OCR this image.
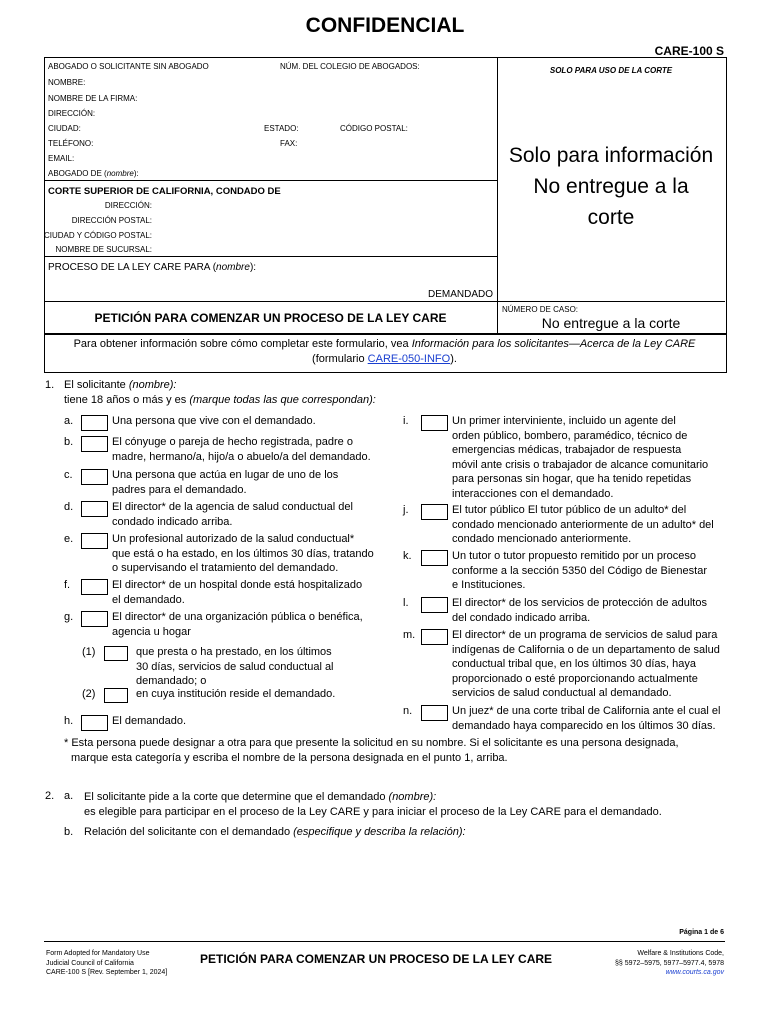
CONFIDENCIAL
CARE-100 S
ABOGADO O SOLICITANTE SIN ABOGADO	NÚM. DEL COLEGIO DE ABOGADOS:
NOMBRE:
NOMBRE DE LA FIRMA:
DIRECCIÓN:
CIUDAD:	ESTADO:	CÓDIGO POSTAL:
TELÉFONO:	FAX:
EMAIL:
ABOGADO DE (nombre):
SOLO PARA USO DE LA CORTE
Solo para información
No entregue a la
corte
CORTE SUPERIOR DE CALIFORNIA, CONDADO DE
DIRECCIÓN:
DIRECCIÓN POSTAL:
CIUDAD Y CÓDIGO POSTAL:
NOMBRE DE SUCURSAL:
PROCESO DE LA LEY CARE PARA (nombre):
DEMANDADO
PETICIÓN PARA COMENZAR UN PROCESO DE LA LEY CARE
NÚMERO DE CASO:
No entregue a la corte
Para obtener información sobre cómo completar este formulario, vea Información para los solicitantes—Acerca de la Ley CARE
(formulario CARE-050-INFO).
1. El solicitante (nombre):
tiene 18 años o más y es (marque todas las que correspondan):
a.	Una persona que vive con el demandado.
b.	El cónyuge o pareja de hecho registrada, padre o
madre, hermano/a, hijo/a o abuelo/a del demandado.
c.	Una persona que actúa en lugar de uno de los
padres para el demandado.
d.	El director* de la agencia de salud conductual del
condado indicado arriba.
e.	Un profesional autorizado de la salud conductual*
que está o ha estado, en los últimos 30 días, tratando
o supervisando el tratamiento del demandado.
f.	El director* de un hospital donde está hospitalizado
el demandado.
g.	El director* de una organización pública o benéfica,
agencia u hogar
(1)	que presta o ha prestado, en los últimos
30 días, servicios de salud conductual al
demandado; o
(2)	en cuya institución reside el demandado.
h.	El demandado.
i.	Un primer interviniente, incluido un agente del
orden público, bombero, paramédico, técnico de
emergencias médicas, trabajador de respuesta
móvil ante crisis o trabajador de alcance comunitario
para personas sin hogar, que ha tenido repetidas
interacciones con el demandado.
j.	El tutor público El tutor público de un adulto* del
condado mencionado anteriormente de un adulto* del
condado mencionado anteriormente.
k.	Un tutor o tutor propuesto remitido por un proceso
conforme a la sección 5350 del Código de Bienestar
e Instituciones.
l.	El director* de los servicios de protección de adultos
del condado indicado arriba.
m.	El director* de un programa de servicios de salud para
indígenas de California o de un departamento de salud
conductual tribal que, en los últimos 30 días, haya
proporcionado o esté proporcionando actualmente
servicios de salud conductual al demandado.
n.	Un juez* de una corte tribal de California ante el cual el
demandado haya comparecido en los últimos 30 días.
* Esta persona puede designar a otra para que presente la solicitud en su nombre. Si el solicitante es una persona designada,
marque esta categoría y escriba el nombre de la persona designada en el punto 1, arriba.
2. a. El solicitante pide a la corte que determine que el demandado (nombre):
es elegible para participar en el proceso de la Ley CARE y para iniciar el proceso de la Ley CARE para el demandado.
b. Relación del solicitante con el demandado (especifique y describa la relación):
Página 1 de 6
Form Adopted for Mandatory Use
Judicial Council of California
CARE-100 S [Rev. September 1, 2024]
PETICIÓN PARA COMENZAR UN PROCESO DE LA LEY CARE	Welfare & Institutions Code,
§§ 5972–5975, 5977–5977.4, 5978
www.courts.ca.gov
